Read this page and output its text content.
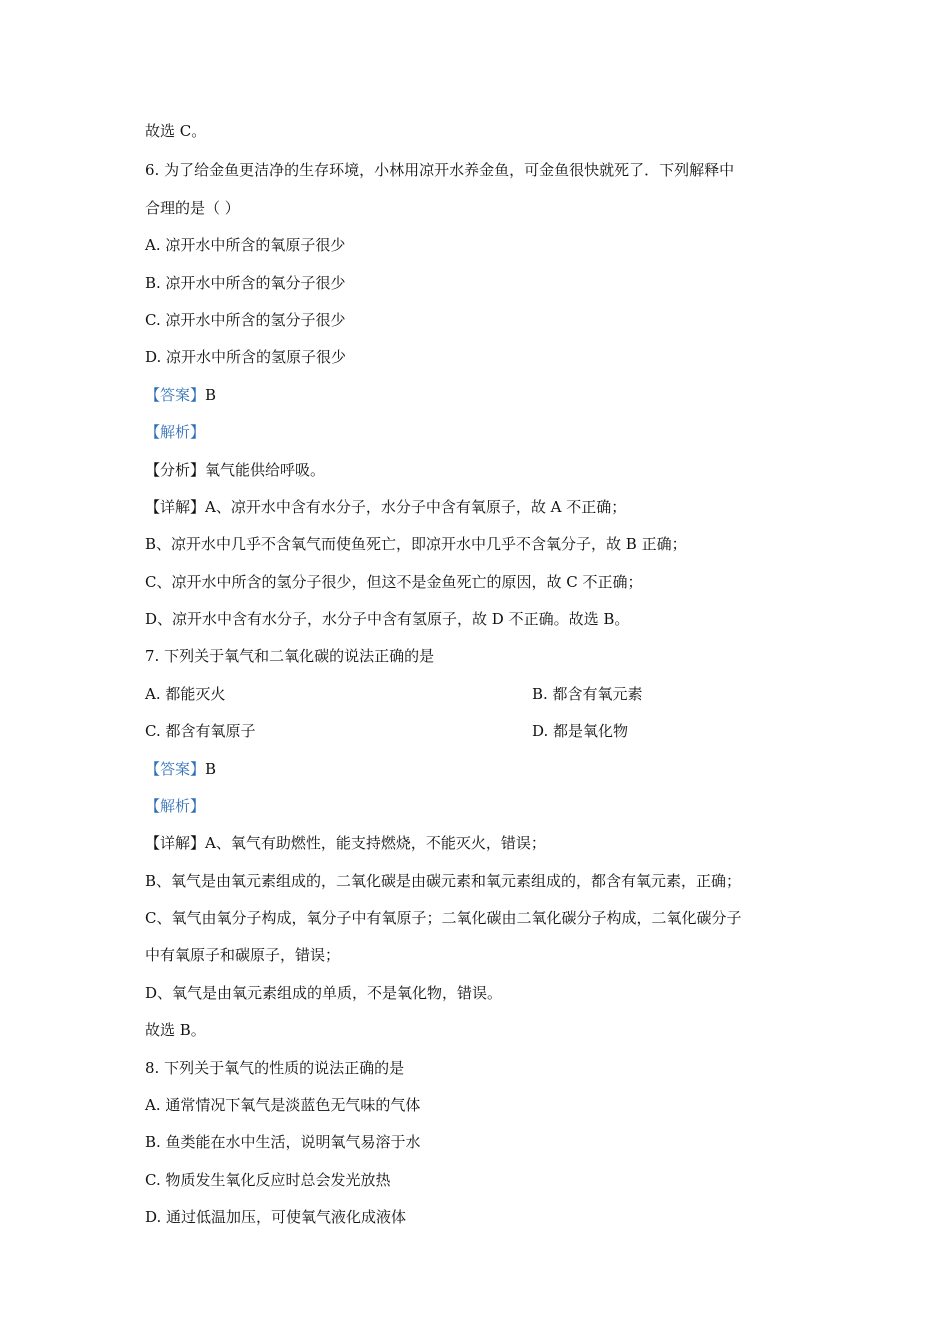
故选 C。
6. 为了给金鱼更洁净的生存环境，小林用凉开水养金鱼，可金鱼很快就死了．下列解释中
合理的是（ ）
A. 凉开水中所含的氧原子很少
B. 凉开水中所含的氧分子很少
C. 凉开水中所含的氢分子很少
D. 凉开水中所含的氢原子很少
【答案】B
【解析】
【分析】氧气能供给呼吸。
【详解】A、凉开水中含有水分子，水分子中含有氧原子，故 A 不正确；
B、凉开水中几乎不含氧气而使鱼死亡，即凉开水中几乎不含氧分子，故 B 正确；
C、凉开水中所含的氢分子很少，但这不是金鱼死亡的原因，故 C 不正确；
D、凉开水中含有水分子，水分子中含有氢原子，故 D 不正确。故选 B。
7. 下列关于氧气和二氧化碳的说法正确的是
A. 都能灭火	B. 都含有氧元素
C. 都含有氧原子	D. 都是氧化物
【答案】B
【解析】
【详解】A、氧气有助燃性，能支持燃烧，不能灭火，错误；
B、氧气是由氧元素组成的，二氧化碳是由碳元素和氧元素组成的，都含有氧元素，正确；
C、氧气由氧分子构成，氧分子中有氧原子；二氧化碳由二氧化碳分子构成，二氧化碳分子
中有氧原子和碳原子，错误；
D、氧气是由氧元素组成的单质，不是氧化物，错误。
故选 B。
8. 下列关于氧气的性质的说法正确的是
A. 通常情况下氧气是淡蓝色无气味的气体
B. 鱼类能在水中生活，说明氧气易溶于水
C. 物质发生氧化反应时总会发光放热
D. 通过低温加压，可使氧气液化成液体
